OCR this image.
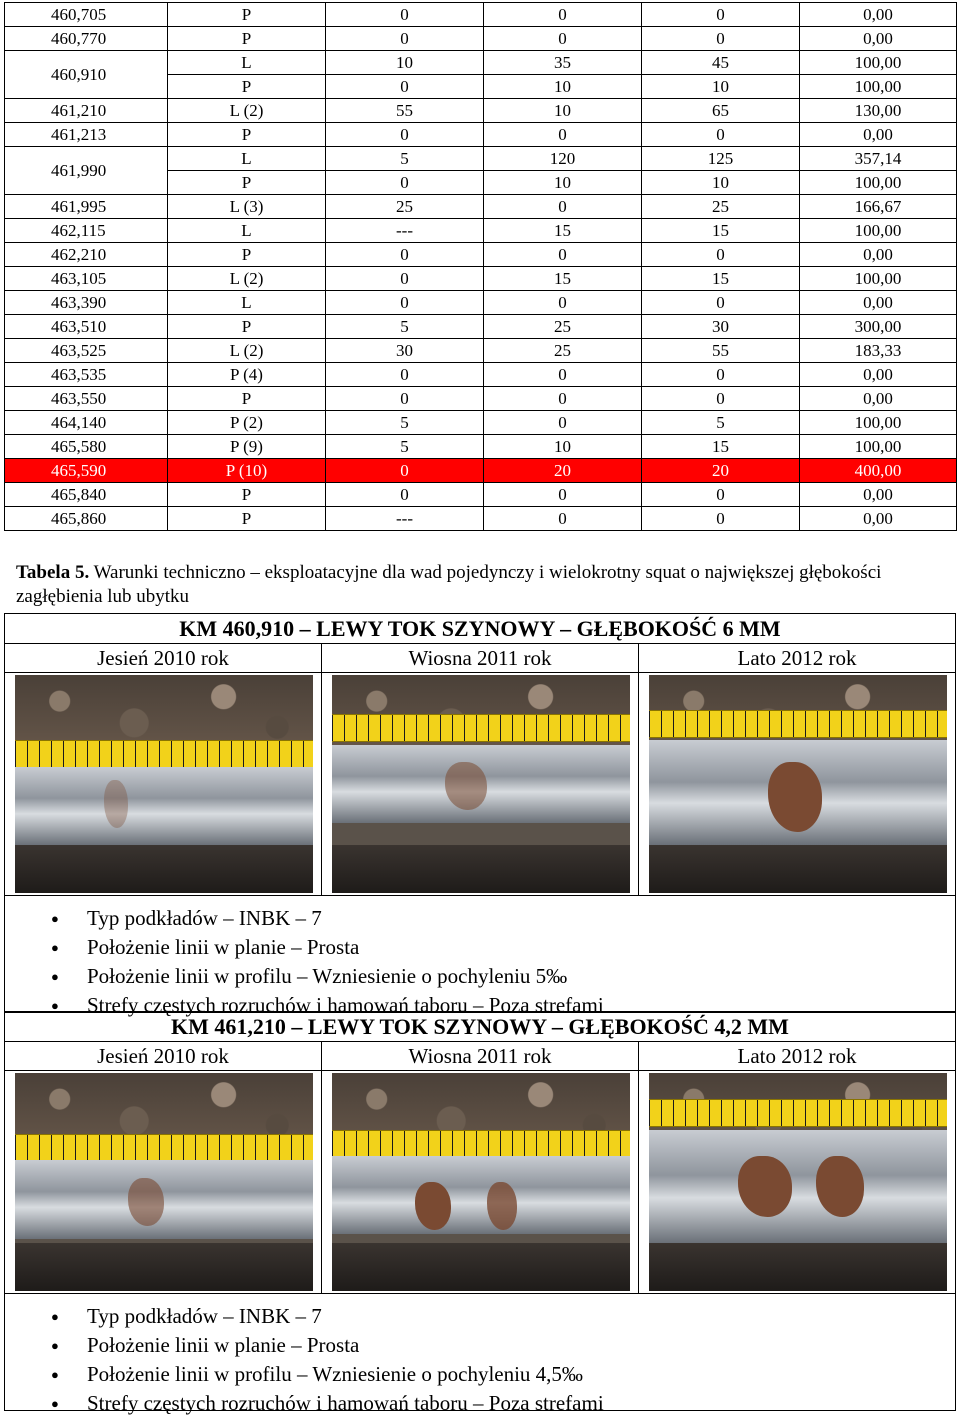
460,705	P	0	0	0	0,00
460,770	P	0	0	0	0,00
460,910	L	10	35	45	100,00
	P	0	10	10	100,00
461,210	L (2)	55	10	65	130,00
461,213	P	0	0	0	0,00
461,990	L	5	120	125	357,14
	P	0	10	10	100,00
461,995	L (3)	25	0	25	166,67
462,115	L	---	15	15	100,00
462,210	P	0	0	0	0,00
463,105	L (2)	0	15	15	100,00
463,390	L	0	0	0	0,00
463,510	P	5	25	30	300,00
463,525	L (2)	30	25	55	183,33
463,535	P (4)	0	0	0	0,00
463,550	P	0	0	0	0,00
464,140	P (2)	5	0	5	100,00
465,580	P (9)	5	10	15	100,00
465,590	P (10)	0	20	20	400,00
465,840	P	0	0	0	0,00
465,860	P	---	0	0	0,00
Tabela 5. Warunki techniczno – eksploatacyjne dla wad pojedynczy i wielokrotny squat o największej głębokości zagłębienia lub ubytku
KM 460,910 – LEWY TOK SZYNOWY – GŁĘBOKOŚĆ 6 MM
Jesień 2010 rok	Wiosna 2011 rok	Lato 2012 rok
● Typ podkładów – INBK – 7
● Położenie linii w planie – Prosta
● Położenie linii w profilu – Wzniesienie o pochyleniu 5‰
● Strefy częstych rozruchów i hamowań taboru – Poza strefami
KM 461,210 – LEWY TOK SZYNOWY – GŁĘBOKOŚĆ 4,2 MM
Jesień 2010 rok	Wiosna 2011 rok	Lato 2012 rok
● Typ podkładów – INBK – 7
● Położenie linii w planie – Prosta
● Położenie linii w profilu – Wzniesienie o pochyleniu 4,5‰
● Strefy częstych rozruchów i hamowań taboru – Poza strefami
